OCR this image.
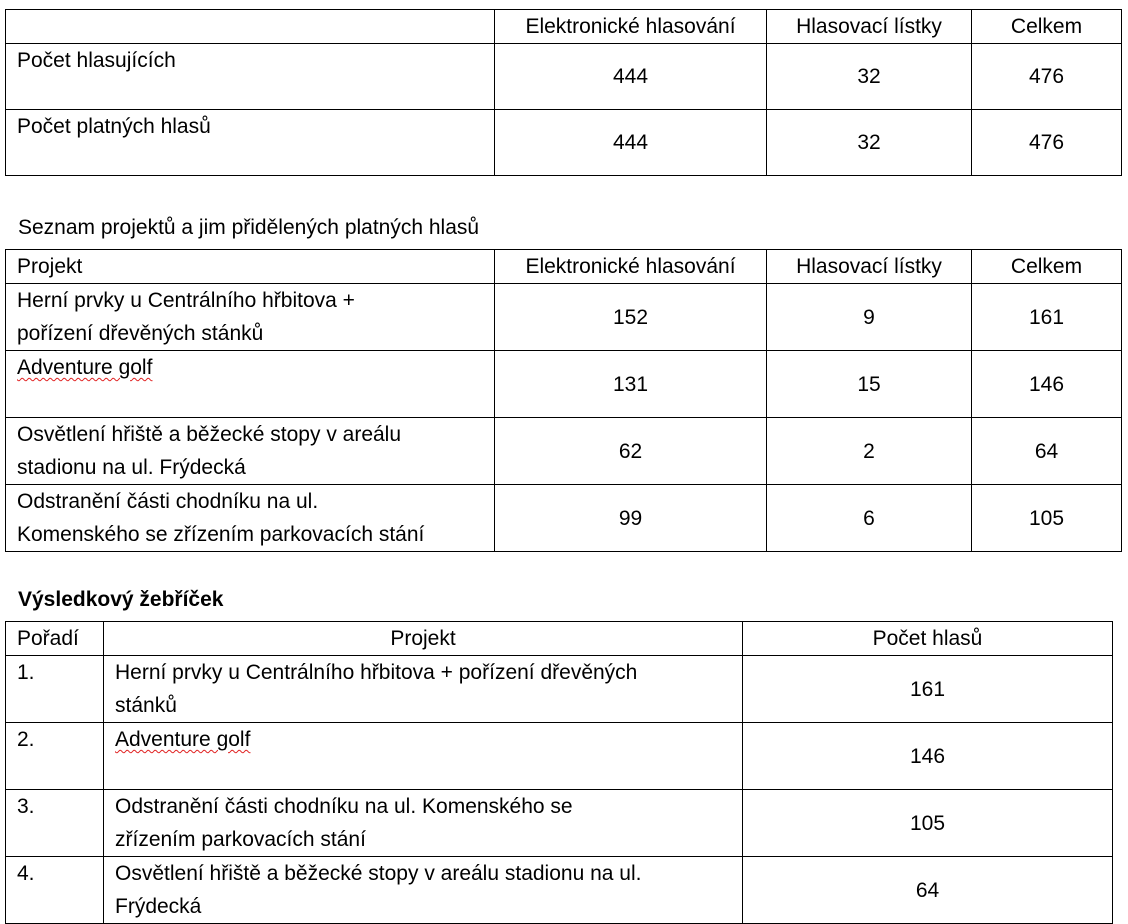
	Elektronické hlasování	Hlasovací lístky	Celkem
Počet hlasujících	444	32	476
Počet platných hlasů	444	32	476
Seznam projektů a jim přidělených platných hlasů
Projekt	Elektronické hlasování	Hlasovací lístky	Celkem

Herní prvky u Centrálního hřbitova +
pořízení dřevěných stánků	152	9	161

Adventure golf	131	15	146

Osvětlení hřiště a běžecké stopy v areálu
stadionu na ul. Frýdecká	62	2	64

Odstranění části chodníku na ul.
Komenského se zřízením parkovacích stání	99	6	105
Výsledkový žebříček
Pořadí	Projekt	Počet hlasů
1.	Herní prvky u Centrálního hřbitova + pořízení dřevěných
stánků	161
2.	Adventure golf	146
3.	Odstranění části chodníku na ul. Komenského se
zřízením parkovacích stání	105
4.	Osvětlení hřiště a běžecké stopy v areálu stadionu na ul.
Frýdecká	64
